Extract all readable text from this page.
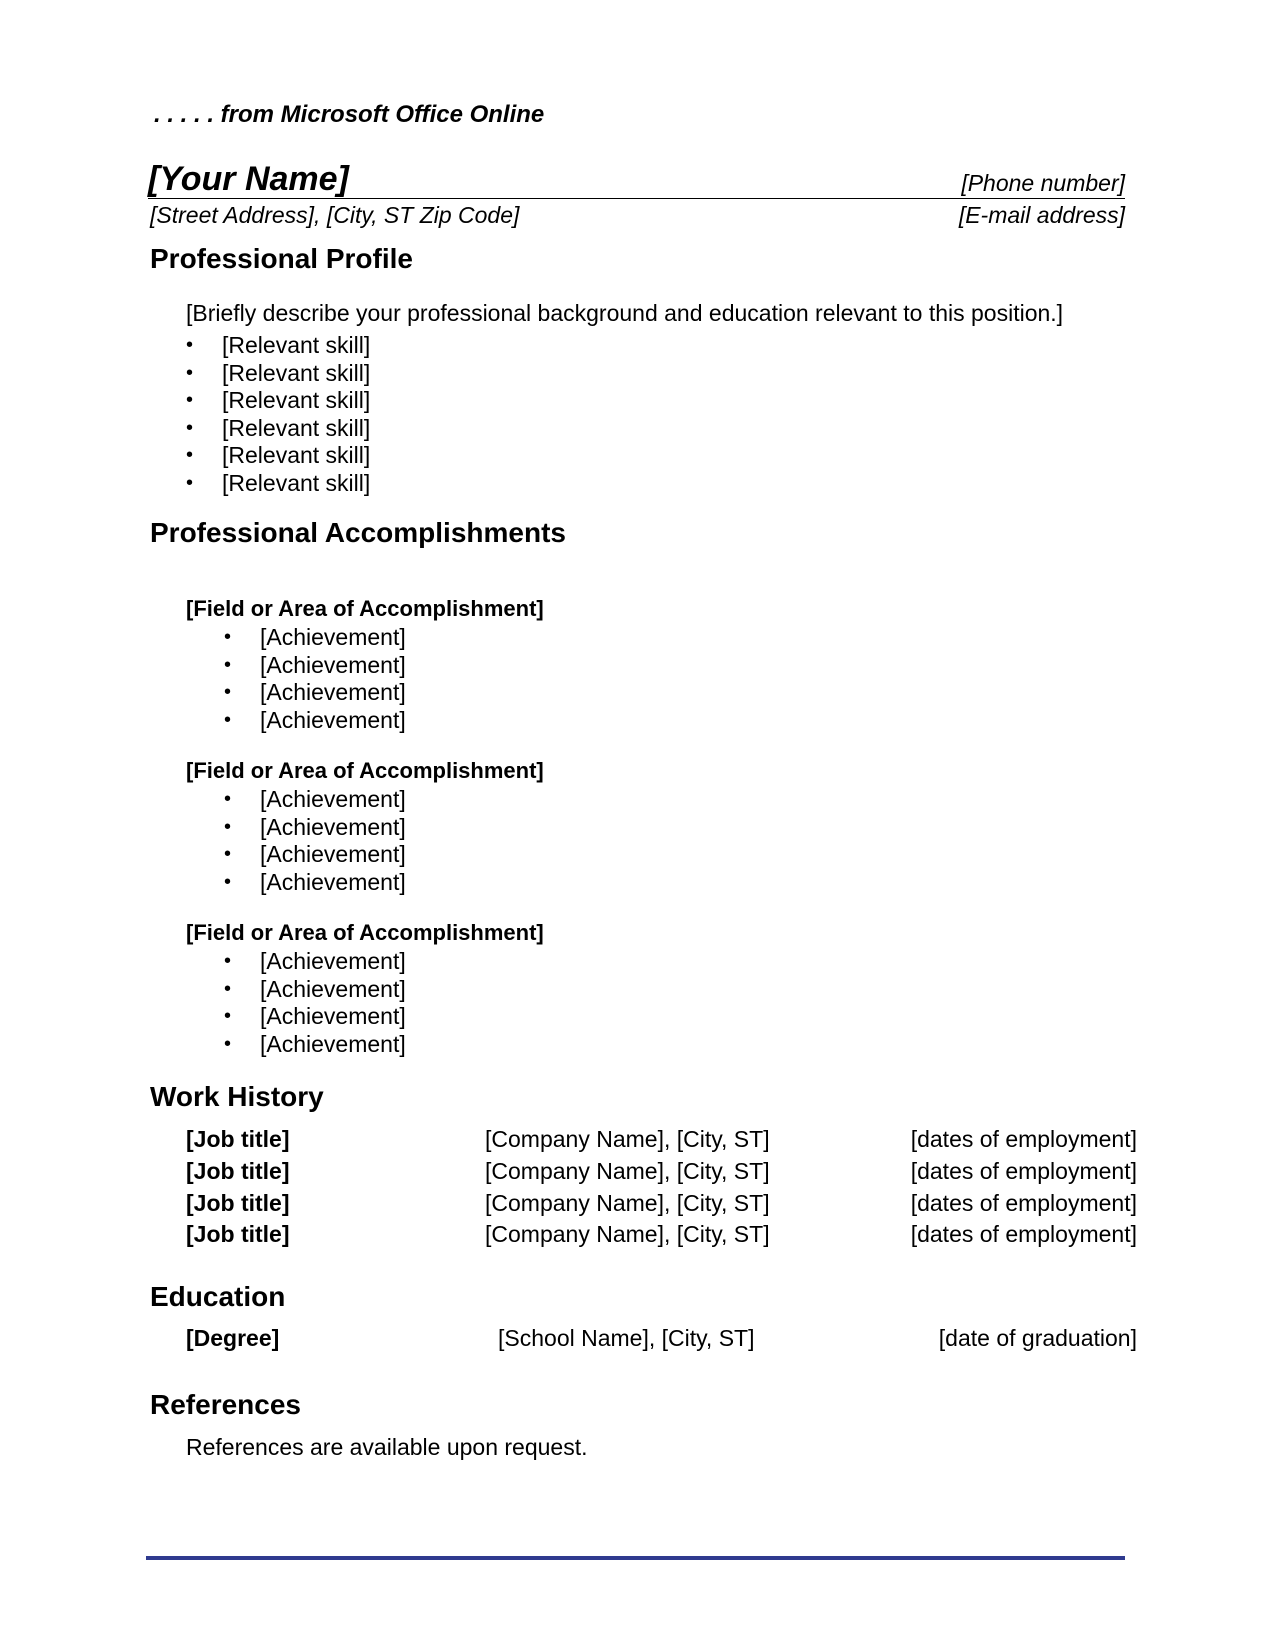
. . . . . from Microsoft Office Online
[Your Name]	[Phone number]
[Street Address], [City, ST Zip Code]	[E-mail address]
Professional Profile
[Briefly describe your professional background and education relevant to this position.]
• [Relevant skill]
• [Relevant skill]
• [Relevant skill]
• [Relevant skill]
• [Relevant skill]
• [Relevant skill]
Professional Accomplishments
[Field or Area of Accomplishment]
• [Achievement]
• [Achievement]
• [Achievement]
• [Achievement]
[Field or Area of Accomplishment]
• [Achievement]
• [Achievement]
• [Achievement]
• [Achievement]
[Field or Area of Accomplishment]
• [Achievement]
• [Achievement]
• [Achievement]
• [Achievement]
Work History
[Job title]	[Company Name], [City, ST]	[dates of employment]
[Job title]	[Company Name], [City, ST]	[dates of employment]
[Job title]	[Company Name], [City, ST]	[dates of employment]
[Job title]	[Company Name], [City, ST]	[dates of employment]
Education
[Degree]	[School Name], [City, ST]	[date of graduation]
References
References are available upon request.
